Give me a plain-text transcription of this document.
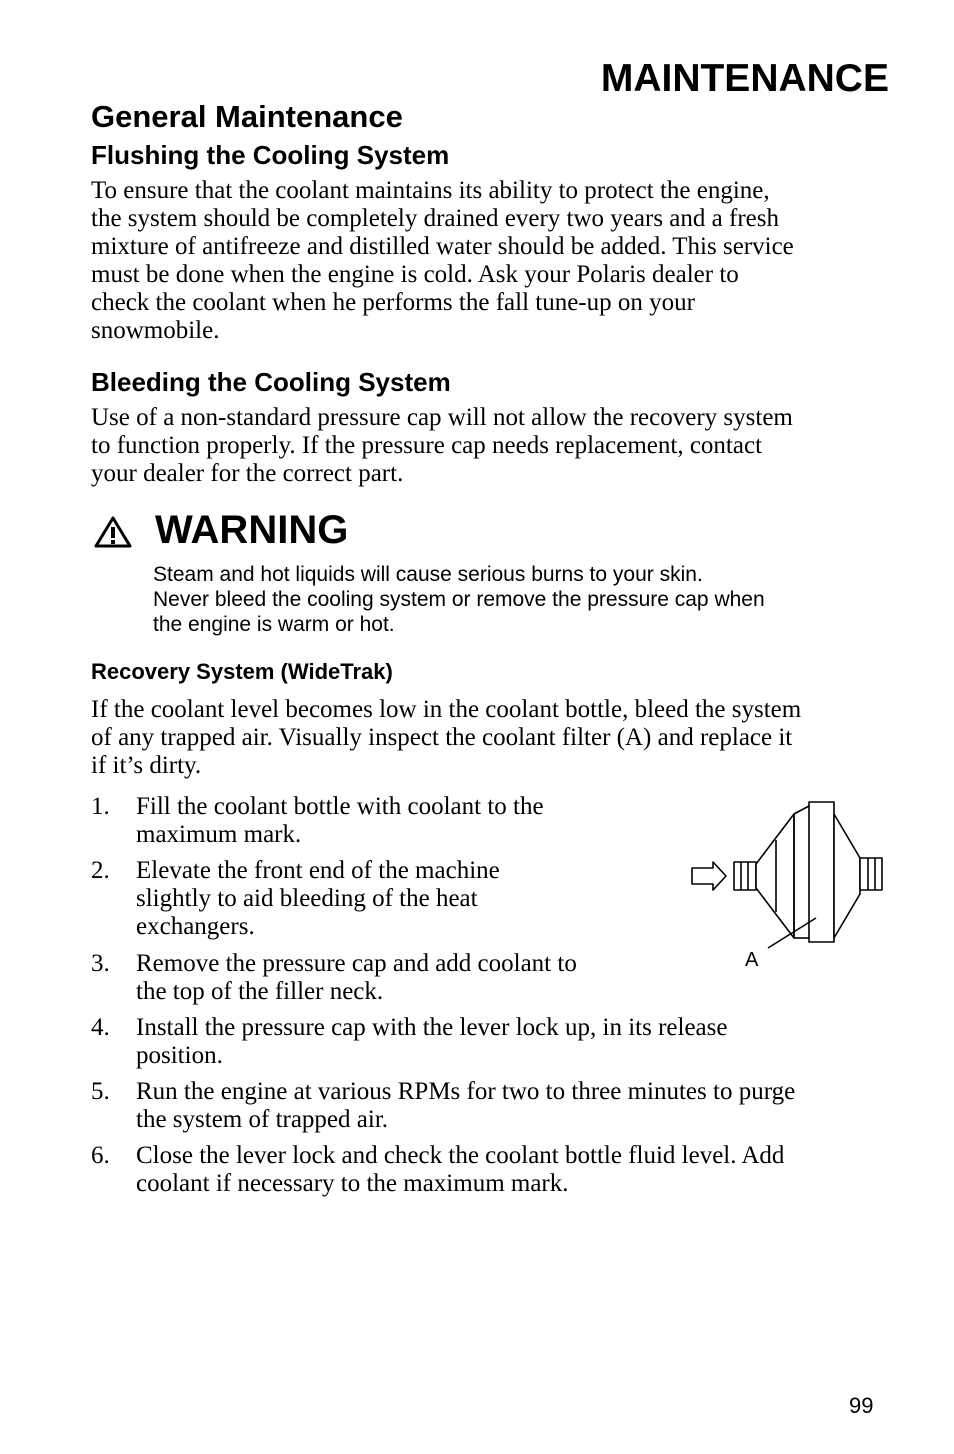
MAINTENANCE
General Maintenance
Flushing the Cooling System

To ensure that the coolant maintains its ability to protect the engine,
the system should be completely drained every two years and a fresh
mixture of antifreeze and distilled water should be added. This service
must be done when the engine is cold. Ask your Polaris dealer to
check the coolant when he performs the fall tune-up on your
snowmobile.

Bleeding the Cooling System

Use of a non-standard pressure cap will not allow the recovery system
to function properly. If the pressure cap needs replacement, contact
your dealer for the correct part.

WARNING

Steam and hot liquids will cause serious burns to your skin.
Never bleed the cooling system or remove the pressure cap when
the engine is warm or hot.

Recovery System (WideTrak)

If the coolant level becomes low in the coolant bottle, bleed the system
of any trapped air. Visually inspect the coolant filter (A) and replace it
if it’s dirty.

1. Fill the coolant bottle with coolant to the
maximum mark.
2. Elevate the front end of the machine
slightly to aid bleeding of the heat
exchangers.
3. Remove the pressure cap and add coolant to
the top of the filler neck.
4. Install the pressure cap with the lever lock up, in its release
position.
5. Run the engine at various RPMs for two to three minutes to purge
the system of trapped air.
6. Close the lever lock and check the coolant bottle fluid level. Add
coolant if necessary to the maximum mark.
A
99
